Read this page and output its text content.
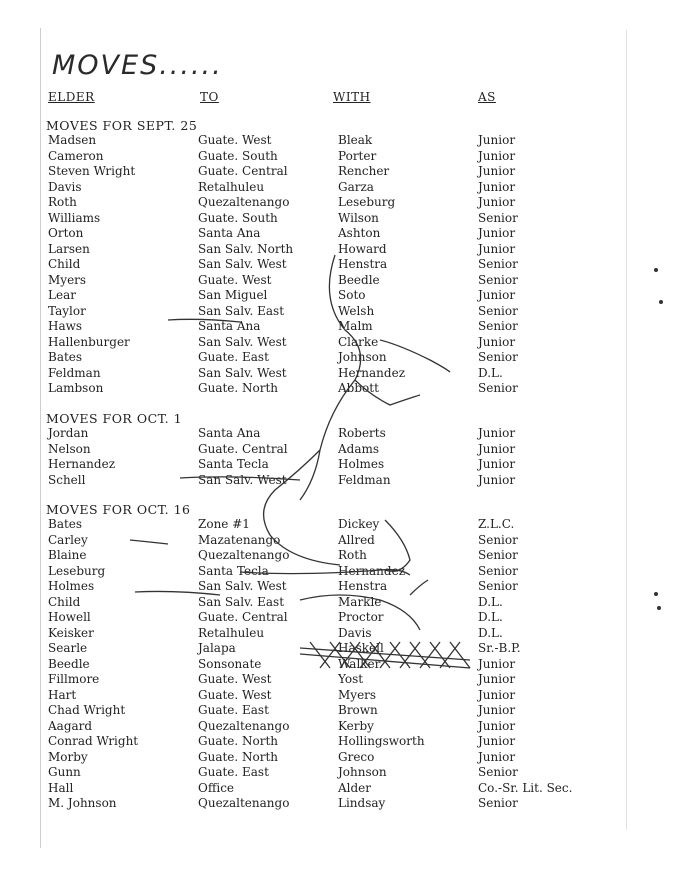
MOVES......
ELDER	TO	WITH	AS
MOVES FOR SEPT. 25
Madsen	Guate. West	Bleak	Junior
Cameron	Guate. South	Porter	Junior
Steven Wright	Guate. Central	Rencher	Junior
Davis	Retalhuleu	Garza	Junior
Roth	Quezaltenango	Leseburg	Junior
Williams	Guate. South	Wilson	Senior
Orton	Santa Ana	Ashton	Junior
Larsen	San Salv. North	Howard	Junior
Child	San Salv. West	Henstra	Senior
Myers	Guate. West	Beedle	Senior
Lear	San Miguel	Soto	Junior
Taylor	San Salv. East	Welsh	Senior
Haws	Santa Ana	Malm	Senior
Hallenburger	San Salv. West	Clarke	Junior
Bates	Guate. East	Johnson	Senior
Feldman	San Salv. West	Hernandez	D.L.
Lambson	Guate. North	Abbott	Senior
MOVES FOR OCT. 1
Jordan	Santa Ana	Roberts	Junior
Nelson	Guate. Central	Adams	Junior
Hernandez	Santa Tecla	Holmes	Junior
Schell	San Salv. West	Feldman	Junior
MOVES FOR OCT. 16
Bates	Zone #1	Dickey	Z.L.C.
Carley	Mazatenango	Allred	Senior
Blaine	Quezaltenango	Roth	Senior
Leseburg	Santa Tecla	Hernandez	Senior
Holmes	San Salv. West	Henstra	Senior
Child	San Salv. East	Markle	D.L.
Howell	Guate. Central	Proctor	D.L.
Keisker	Retalhuleu	Davis	D.L.
Searle	Jalapa	Haskell	Sr.-B.P.
Beedle	Sonsonate	Walker	Junior
Fillmore	Guate. West	Yost	Junior
Hart	Guate. West	Myers	Junior
Chad Wright	Guate. East	Brown	Junior
Aagard	Quezaltenango	Kerby	Junior
Conrad Wright	Guate. North	Hollingsworth	Junior
Morby	Guate. North	Greco	Junior
Gunn	Guate. East	Johnson	Senior
Hall	Office	Alder	Co.-Sr. Lit. Sec.
M. Johnson	Quezaltenango	Lindsay	Senior
